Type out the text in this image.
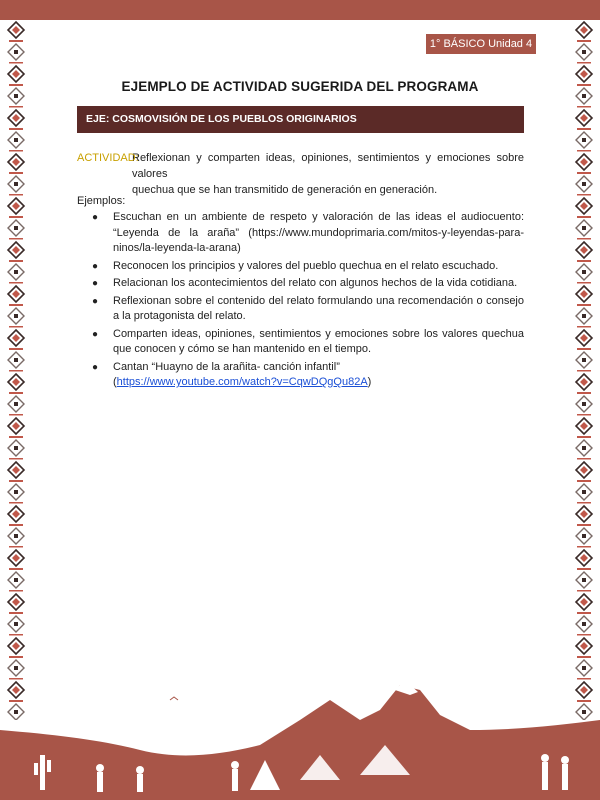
1° BÁSICO Unidad 4
EJEMPLO DE ACTIVIDAD SUGERIDA DEL PROGRAMA
EJE: COSMOVISIÓN DE LOS PUEBLOS ORIGINARIOS
ACTIVIDAD:
Reflexionan y comparten ideas, opiniones, sentimientos y emociones sobre valores
quechua que se han transmitido de generación en generación.
Ejemplos:
● Escuchan en un ambiente de respeto y valoración de las ideas el audiocuento: “Leyenda de la araña” (https://www.mundoprimaria.com/mitos-y-leyendas-para-ninos/la-leyenda-la-arana)
● Reconocen los principios y valores del pueblo quechua en el relato escuchado.
● Relacionan los acontecimientos del relato con algunos hechos de la vida cotidiana.
● Reflexionan sobre el contenido del relato formulando una recomendación o consejo a la protagonista del relato.
● Comparten ideas, opiniones, sentimientos y emociones sobre los valores quechua que conocen y cómo se han mantenido en el tiempo.
● Cantan “Huayno de la arañita- canción infantil”
(https://www.youtube.com/watch?v=CqwDQgQu82A)
